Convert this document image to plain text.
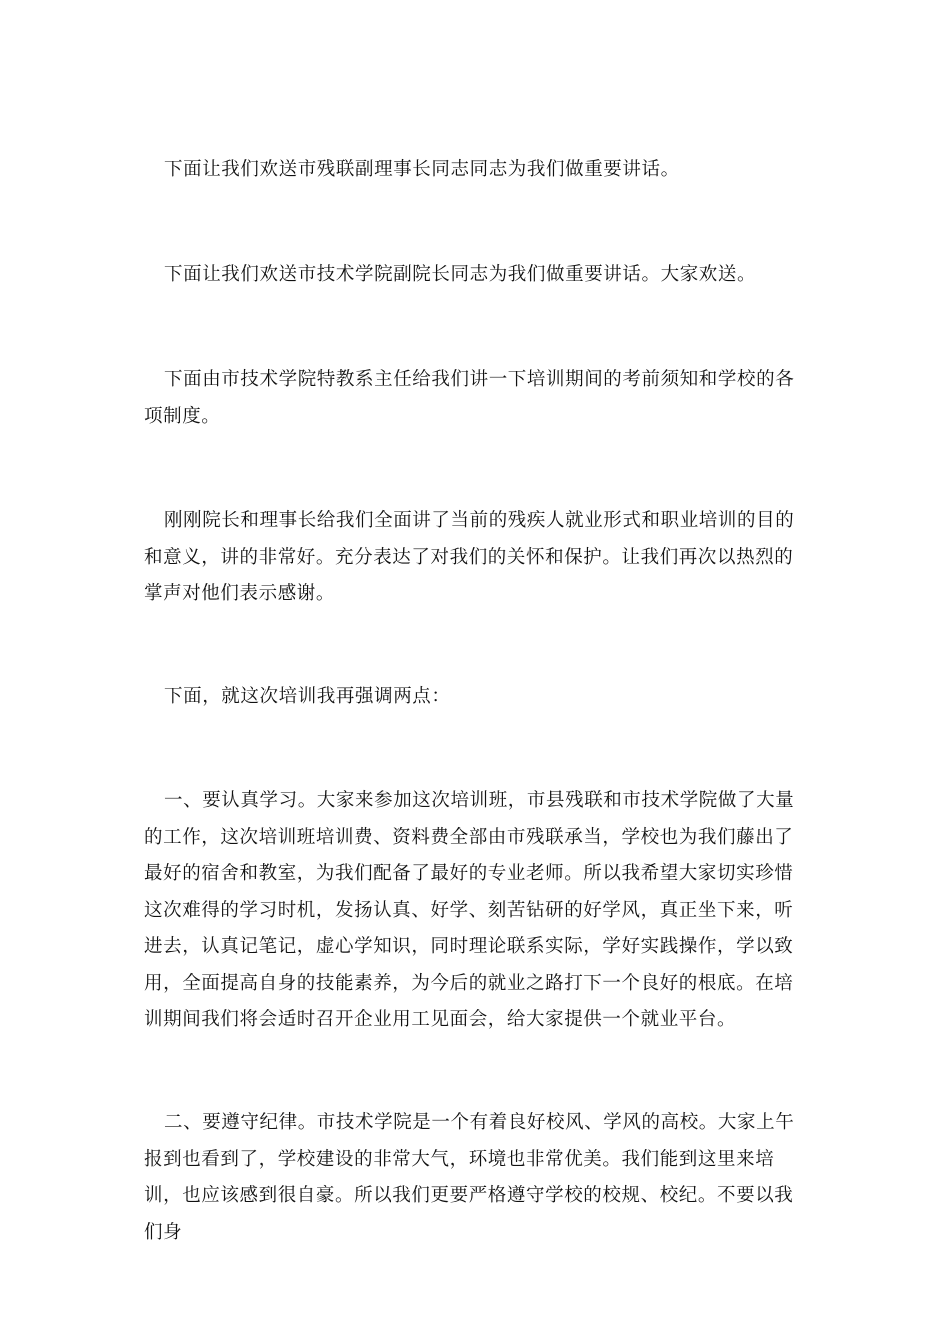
下面让我们欢送市残联副理事长同志同志为我们做重要讲话。

下面让我们欢送市技术学院副院长同志为我们做重要讲话。大家欢送。

下面由市技术学院特教系主任给我们讲一下培训期间的考前须知和学校的各项制度。

刚刚院长和理事长给我们全面讲了当前的残疾人就业形式和职业培训的目的和意义，讲的非常好。充分表达了对我们的关怀和保护。让我们再次以热烈的掌声对他们表示感谢。

下面，就这次培训我再强调两点：

一、要认真学习。大家来参加这次培训班，市县残联和市技术学院做了大量的工作，这次培训班培训费、资料费全部由市残联承当，学校也为我们藤出了最好的宿舍和教室，为我们配备了最好的专业老师。所以我希望大家切实珍惜这次难得的学习时机，发扬认真、好学、刻苦钻研的好学风，真正坐下来，听进去，认真记笔记，虚心学知识，同时理论联系实际，学好实践操作，学以致用，全面提高自身的技能素养，为今后的就业之路打下一个良好的根底。在培训期间我们将会适时召开企业用工见面会，给大家提供一个就业平台。

二、要遵守纪律。市技术学院是一个有着良好校风、学风的高校。大家上午报到也看到了，学校建设的非常大气，环境也非常优美。我们能到这里来培训，也应该感到很自豪。所以我们更要严格遵守学校的校规、校纪。不要以我们身
